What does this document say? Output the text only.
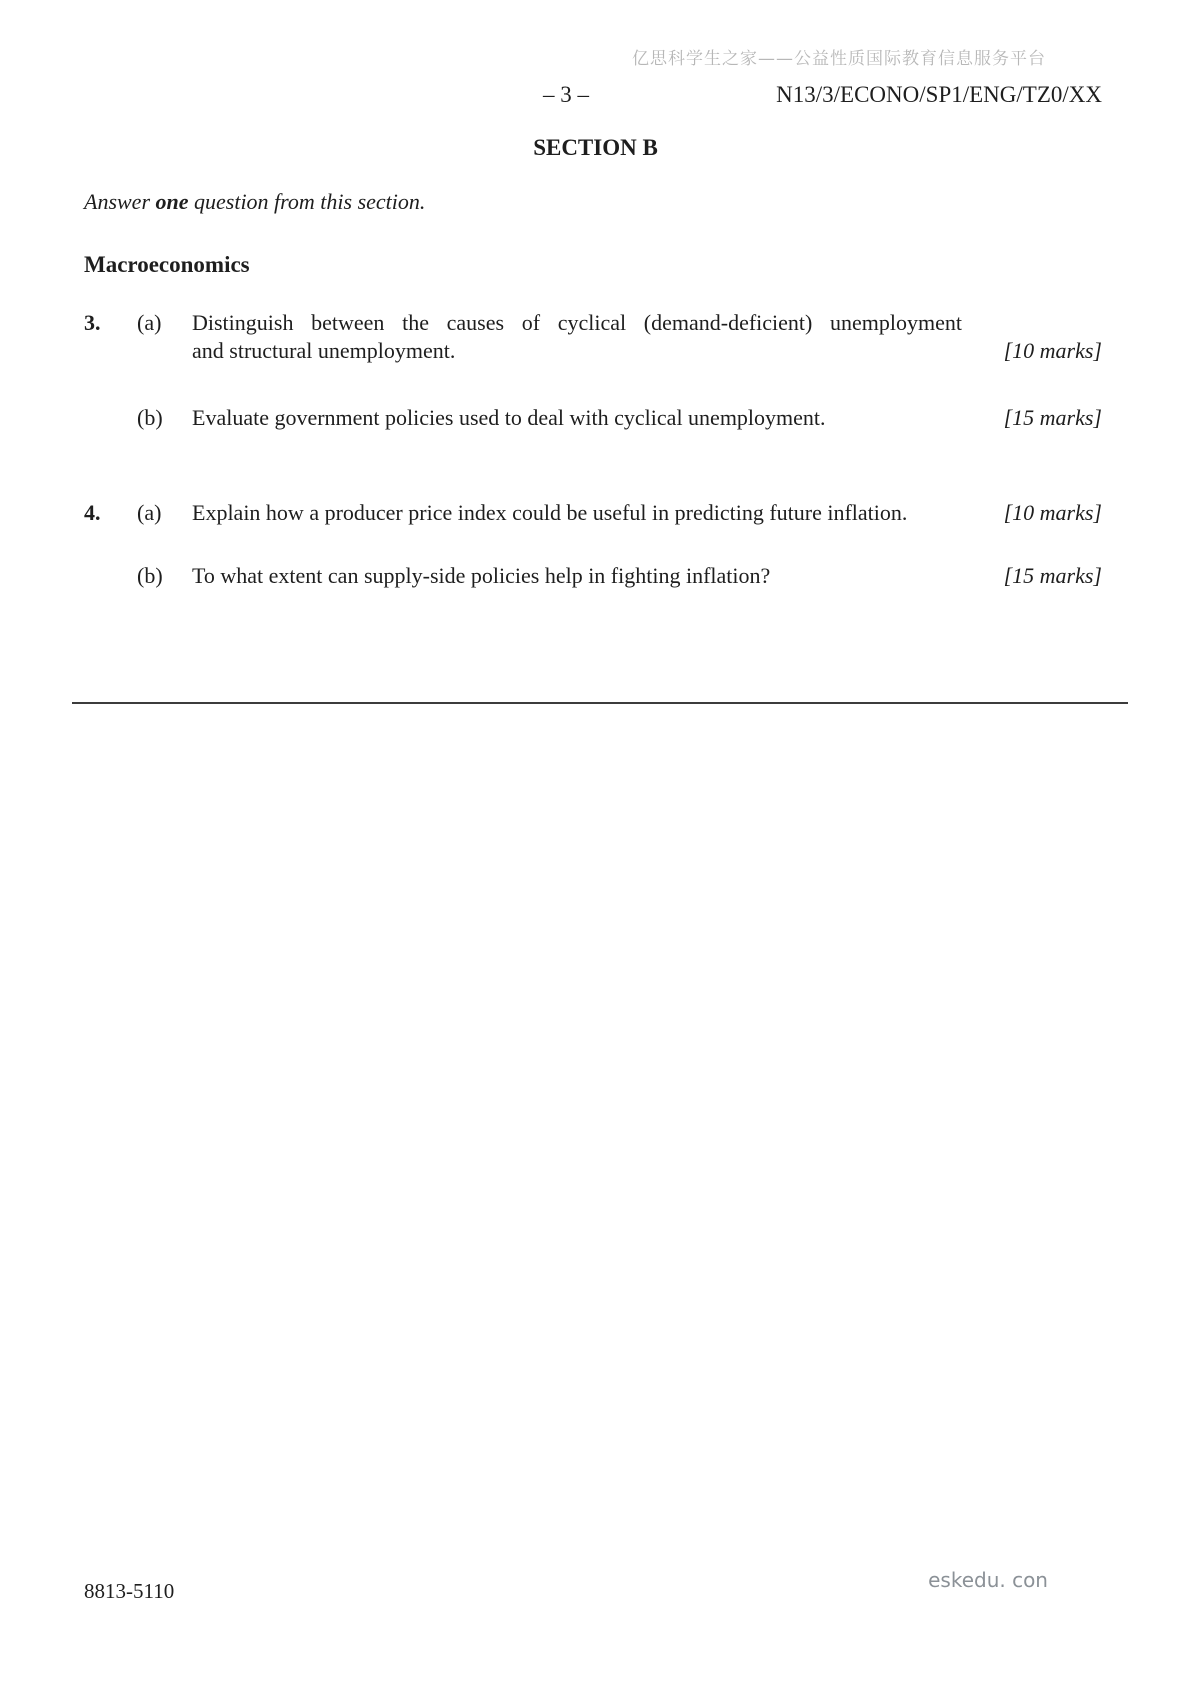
亿思科学生之家——公益性质国际教育信息服务平台
– 3 –	N13/3/ECONO/SP1/ENG/TZ0/XX
SECTION B
Answer one question from this section.
Macroeconomics
3.	(a)	Distinguish between the causes of cyclical (demand-deficient) unemployment
and structural unemployment.	[10 marks]
(b)	Evaluate government policies used to deal with cyclical unemployment.	[15 marks]
4.	(a)	Explain how a producer price index could be useful in predicting future inflation.	[10 marks]
(b)	To what extent can supply-side policies help in fighting inflation?	[15 marks]
8813-5110	eskedu. con
